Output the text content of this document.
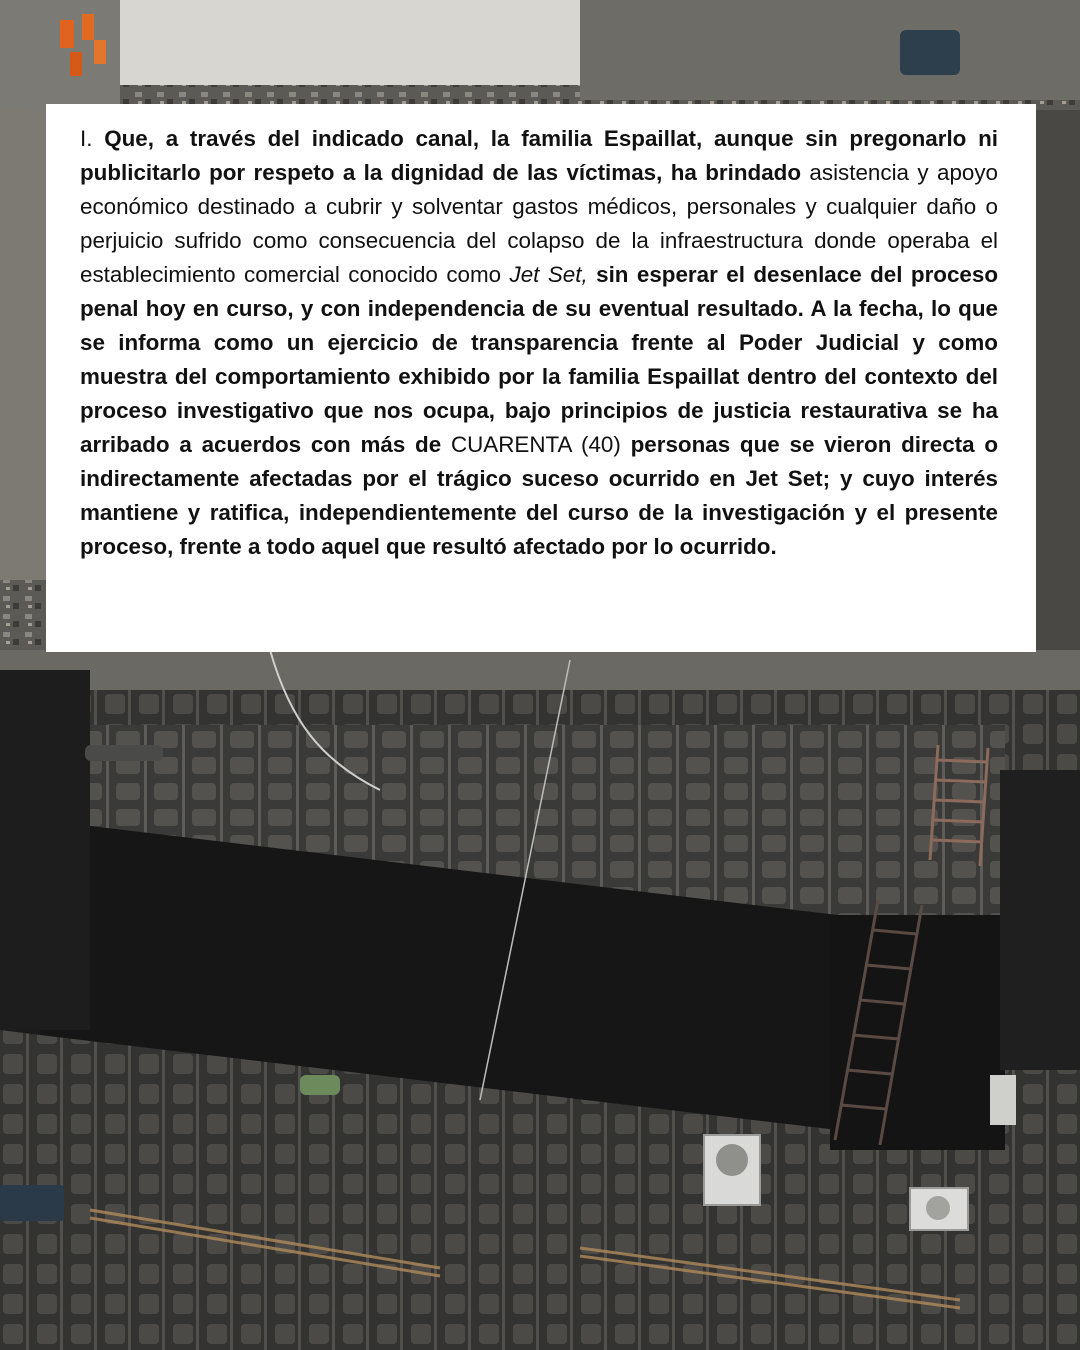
I. Que, a través del indicado canal, la familia Espaillat, aunque sin pregonarlo ni publicitarlo por respeto a la dignidad de las víctimas, ha brindado asistencia y apoyo económico destinado a cubrir y solventar gastos médicos, personales y cualquier daño o perjuicio sufrido como consecuencia del colapso de la infraestructura donde operaba el establecimiento comercial conocido como Jet Set, sin esperar el desenlace del proceso penal hoy en curso, y con independencia de su eventual resultado. A la fecha, lo que se informa como un ejercicio de transparencia frente al Poder Judicial y como muestra del comportamiento exhibido por la familia Espaillat dentro del contexto del proceso investigativo que nos ocupa, bajo principios de justicia restaurativa se ha arribado a acuerdos con más de CUARENTA (40) personas que se vieron directa o indirectamente afectadas por el trágico suceso ocurrido en Jet Set; y cuyo interés mantiene y ratifica, independientemente del curso de la investigación y el presente proceso, frente a todo aquel que resultó afectado por lo ocurrido.
